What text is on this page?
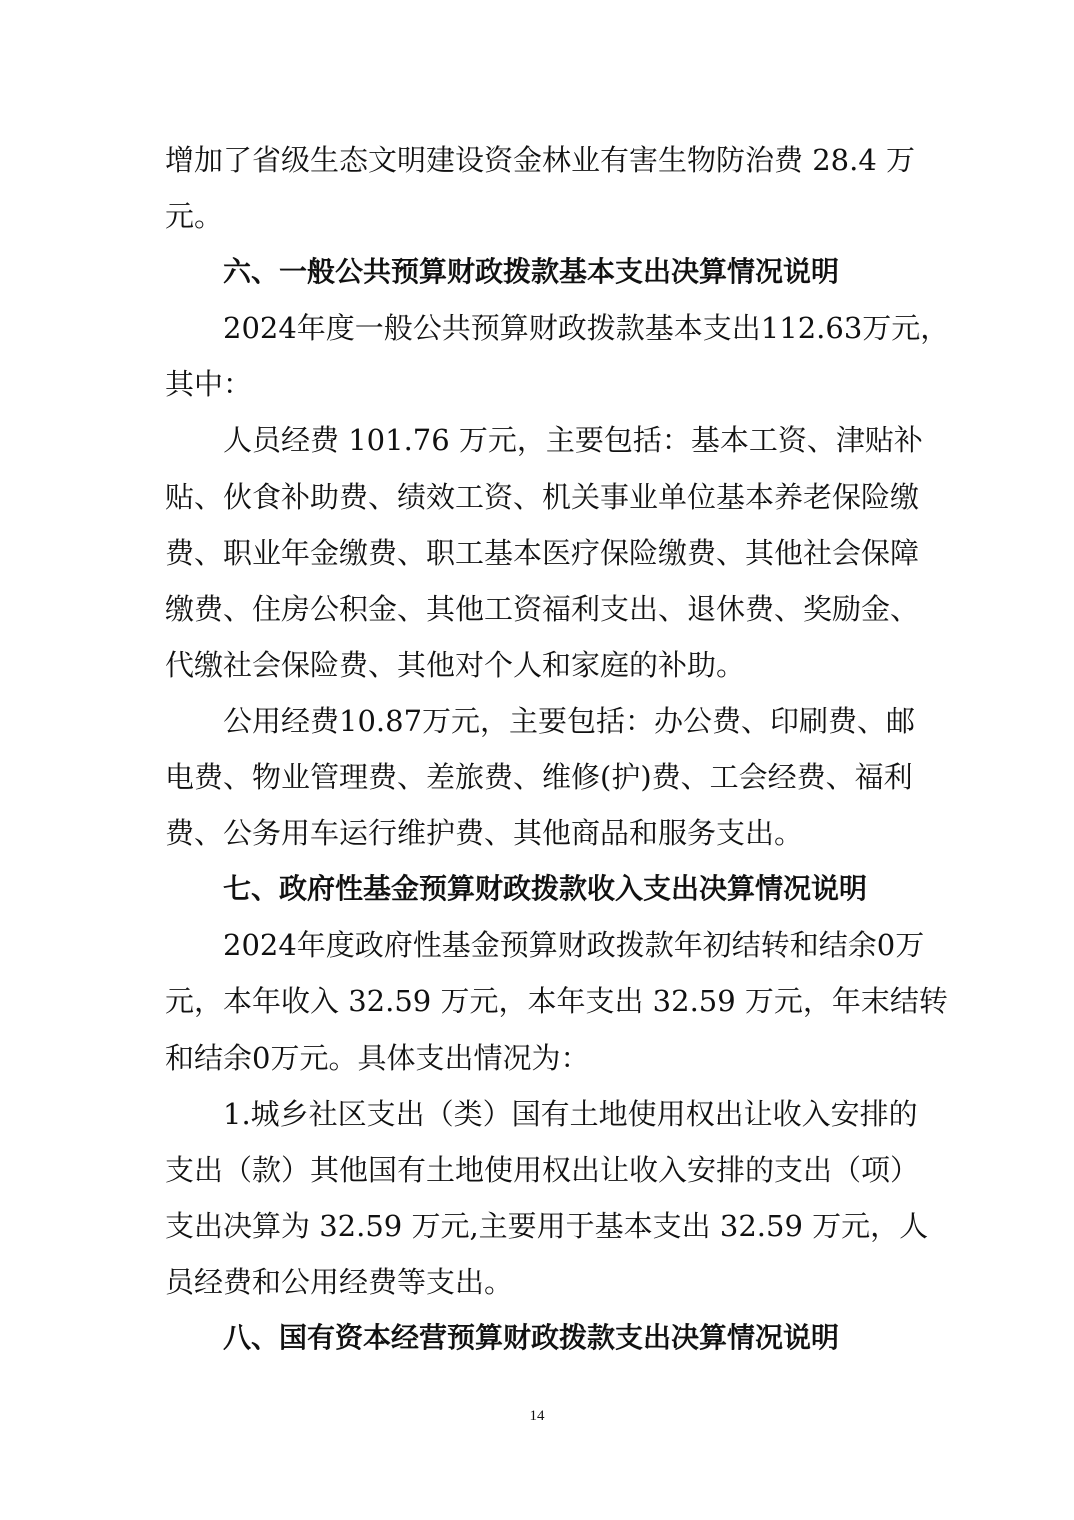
增加了省级生态文明建设资金林业有害生物防治费 28.4 万
元。
六、一般公共预算财政拨款基本支出决算情况说明
2024年度一般公共预算财政拨款基本支出112.63万元，
其中：
人员经费 101.76 万元，主要包括：基本工资、津贴补
贴、伙食补助费、绩效工资、机关事业单位基本养老保险缴
费、职业年金缴费、职工基本医疗保险缴费、其他社会保障
缴费、住房公积金、其他工资福利支出、退休费、奖励金、
代缴社会保险费、其他对个人和家庭的补助。
公用经费10.87万元，主要包括：办公费、印刷费、邮
电费、物业管理费、差旅费、维修(护)费、工会经费、福利
费、公务用车运行维护费、其他商品和服务支出。
七、政府性基金预算财政拨款收入支出决算情况说明
2024年度政府性基金预算财政拨款年初结转和结余0万
元，本年收入 32.59 万元，本年支出 32.59 万元，年末结转
和结余0万元。具体支出情况为：
1.城乡社区支出（类）国有土地使用权出让收入安排的
支出（款）其他国有土地使用权出让收入安排的支出（项）
支出决算为 32.59 万元,主要用于基本支出 32.59 万元，人
员经费和公用经费等支出。
八、国有资本经营预算财政拨款支出决算情况说明
14
